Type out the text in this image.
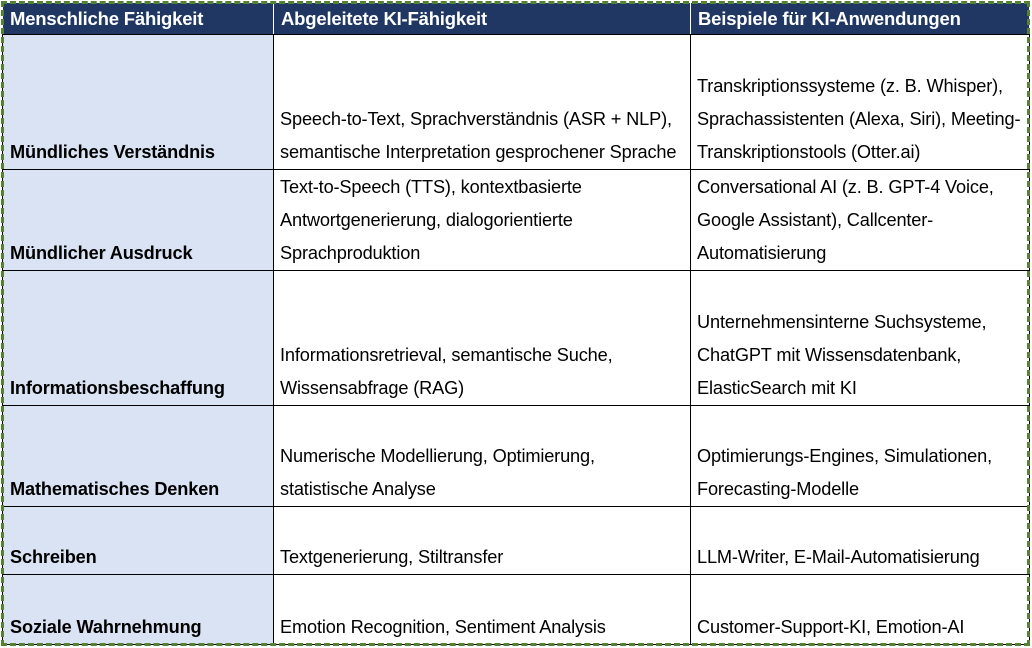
Menschliche Fähigkeit	Abgeleitete KI-Fähigkeit	Beispiele für KI-Anwendungen

Mündliches Verständnis	Speech-to-Text, Sprachverständnis (ASR + NLP), semantische Interpretation gesprochener Sprache	Transkriptionssysteme (z. B. Whisper), Sprachassistenten (Alexa, Siri), Meeting-Transkriptionstools (Otter.ai)

Mündlicher Ausdruck	Text-to-Speech (TTS), kontextbasierte Antwortgenerierung, dialogorientierte Sprachproduktion	Conversational AI (z. B. GPT-4 Voice, Google Assistant), Callcenter-Automatisierung

Informationsbeschaffung	Informationsretrieval, semantische Suche, Wissensabfrage (RAG)	Unternehmensinterne Suchsysteme, ChatGPT mit Wissensdatenbank, ElasticSearch mit KI

Mathematisches Denken	Numerische Modellierung, Optimierung, statistische Analyse	Optimierungs-Engines, Simulationen, Forecasting-Modelle

Schreiben	Textgenerierung, Stiltransfer	LLM-Writer, E-Mail-Automatisierung

Soziale Wahrnehmung	Emotion Recognition, Sentiment Analysis	Customer-Support-KI, Emotion-AI
